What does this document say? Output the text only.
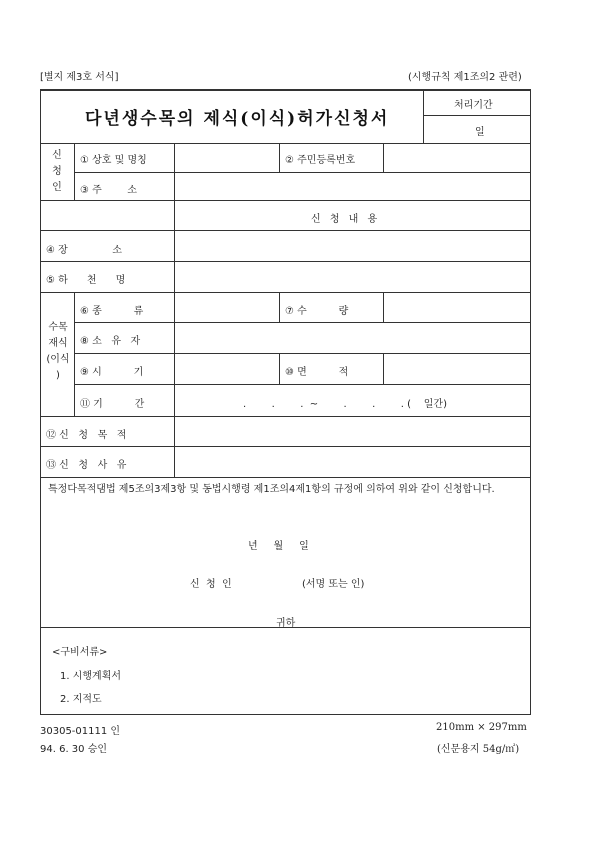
[별지 제3호 서식]	(시행규칙 제1조의2 관련)
다년생수목의 제식(이식)허가신청서
처리기간
일
신청인
① 상호 및 명칭	② 주민등록번호
③ 주        소
신 청 내 용
④ 장              소
⑤ 하      천      명
수목
재식
(이식
)
⑥ 종          류	⑦ 수          량
⑧ 소   유   자
⑨ 시          기	⑩ 면          적
⑪ 기          간	.        .        .  ~        .        .        . (    일간)
⑫ 신   청   목   적
⑬ 신   청   사   유
특정다목적댐법 제5조의3제3항 및 동법시행령 제1조의4제1항의 규정에 의하여 위와 같이 신청합니다.
년     월     일
신  청  인	(서명 또는 인)
귀하
<구비서류>
1. 시행계획서
2. 지적도
30305-01111 인
94. 6. 30 승인
210mm × 297mm
(신문용지 54g/㎡)
